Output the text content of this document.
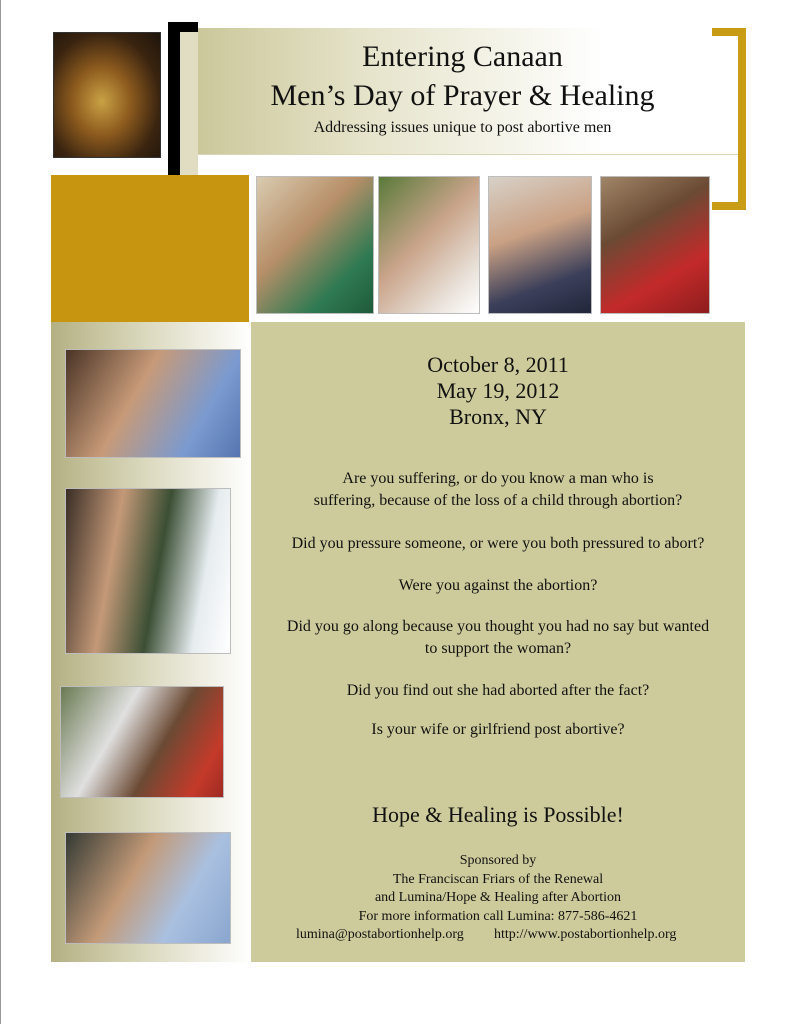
Entering Canaan
Men’s Day of Prayer & Healing
Addressing issues unique to post abortive men
October 8, 2011
May 19, 2012
Bronx, NY
Are you suffering, or do you know a man who is
suffering, because of the loss of a child through abortion?
Did you pressure someone, or were you both pressured to abort?
Were you against the abortion?
Did you go along because you thought you had no say but wanted
to support the woman?
Did you find out she had aborted after the fact?
Is your wife or girlfriend post abortive?
Hope & Healing is Possible!
Sponsored by
The Franciscan Friars of the Renewal
and Lumina/Hope & Healing after Abortion
For more information call Lumina: 877-586-4621
lumina@postabortionhelp.org http://www.postabortionhelp.org
